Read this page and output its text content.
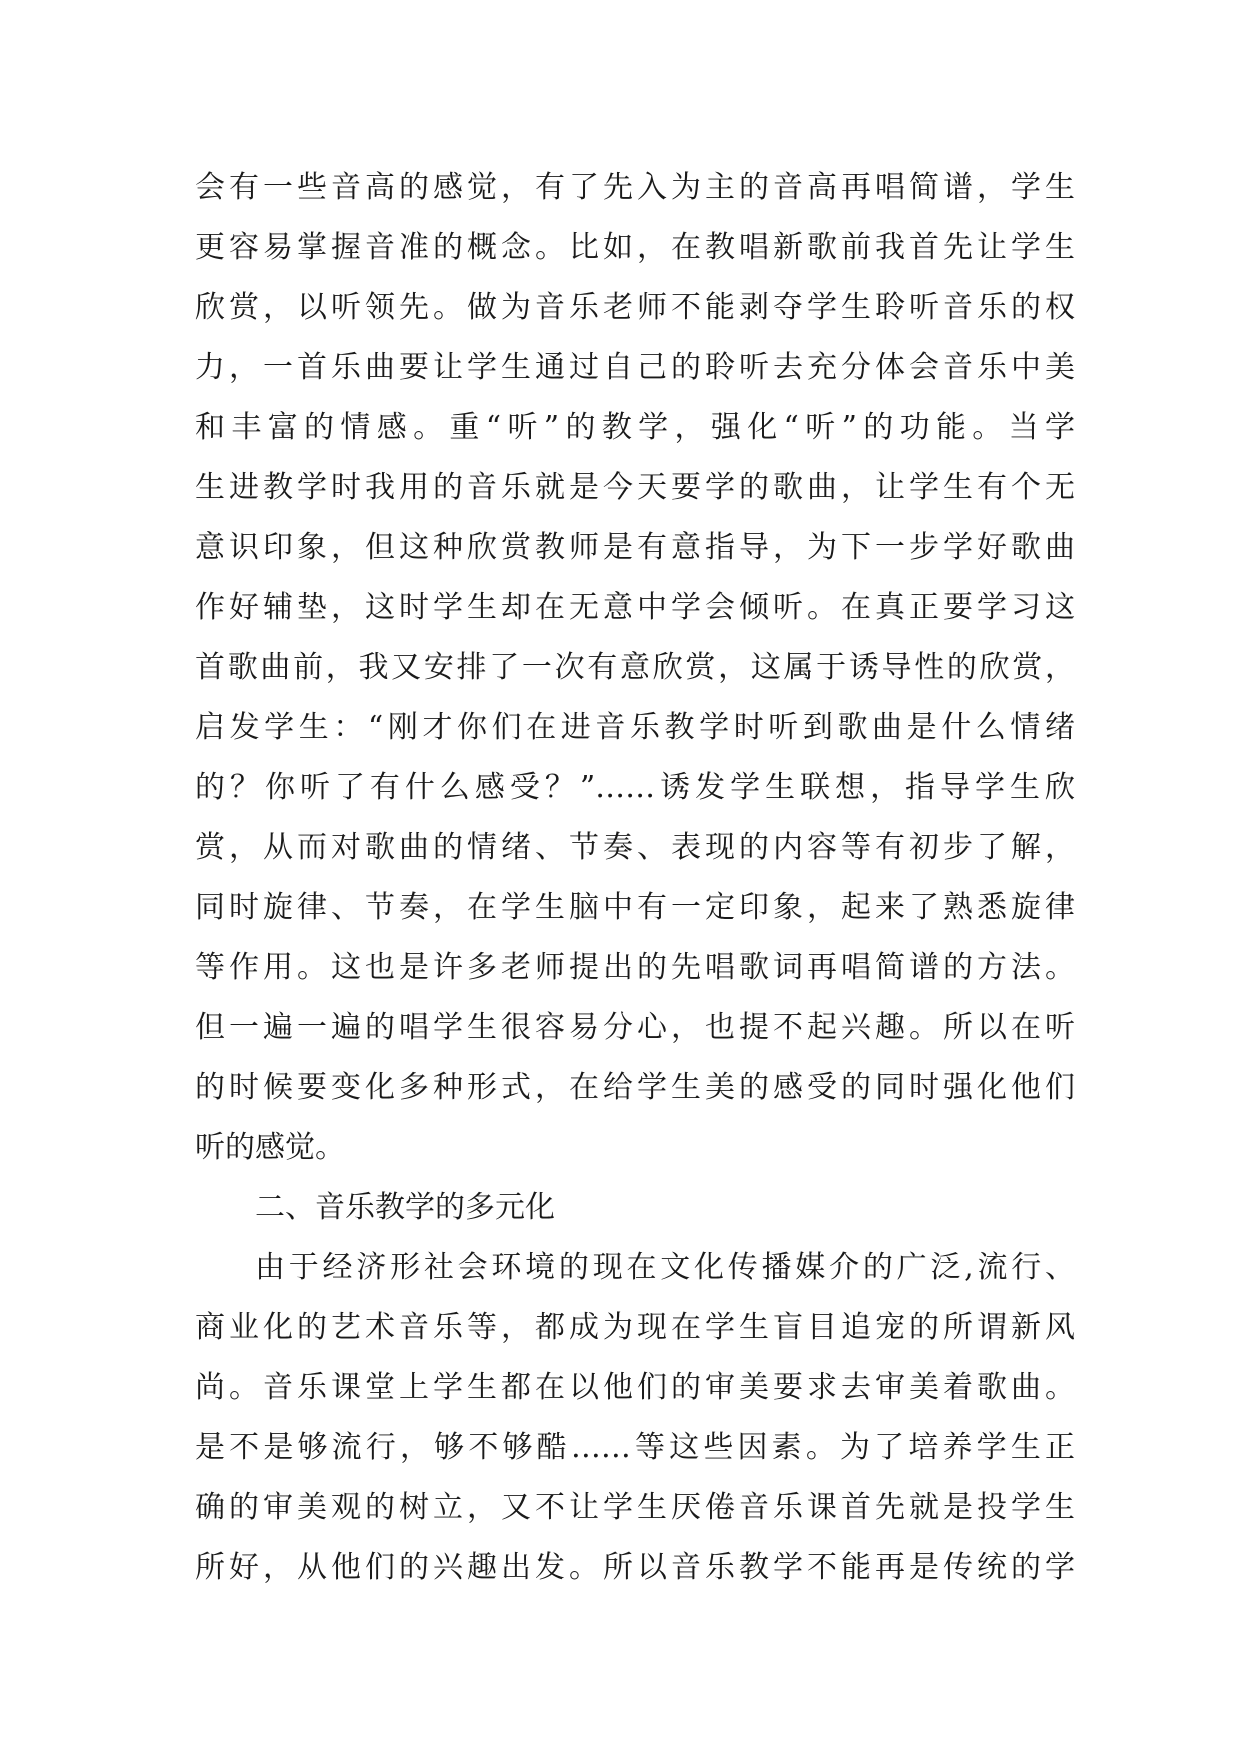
会有一些音高的感觉，有了先入为主的音高再唱简谱，学生
更容易掌握音准的概念。比如，在教唱新歌前我首先让学生
欣赏，以听领先。做为音乐老师不能剥夺学生聆听音乐的权
力，一首乐曲要让学生通过自己的聆听去充分体会音乐中美
和丰富的情感。重“听”的教学，强化“听”的功能。当学
生进教学时我用的音乐就是今天要学的歌曲，让学生有个无
意识印象，但这种欣赏教师是有意指导，为下一步学好歌曲
作好辅垫，这时学生却在无意中学会倾听。在真正要学习这
首歌曲前，我又安排了一次有意欣赏，这属于诱导性的欣赏，
启发学生：“刚才你们在进音乐教学时听到歌曲是什么情绪
的？你听了有什么感受？”……诱发学生联想，指导学生欣
赏，从而对歌曲的情绪、节奏、表现的内容等有初步了解，
同时旋律、节奏，在学生脑中有一定印象，起来了熟悉旋律
等作用。这也是许多老师提出的先唱歌词再唱简谱的方法。
但一遍一遍的唱学生很容易分心，也提不起兴趣。所以在听
的时候要变化多种形式，在给学生美的感受的同时强化他们
听的感觉。
二、音乐教学的多元化
由于经济形社会环境的现在文化传播媒介的广泛,流行、
商业化的艺术音乐等，都成为现在学生盲目追宠的所谓新风
尚。音乐课堂上学生都在以他们的审美要求去审美着歌曲。
是不是够流行，够不够酷……等这些因素。为了培养学生正
确的审美观的树立，又不让学生厌倦音乐课首先就是投学生
所好，从他们的兴趣出发。所以音乐教学不能再是传统的学
